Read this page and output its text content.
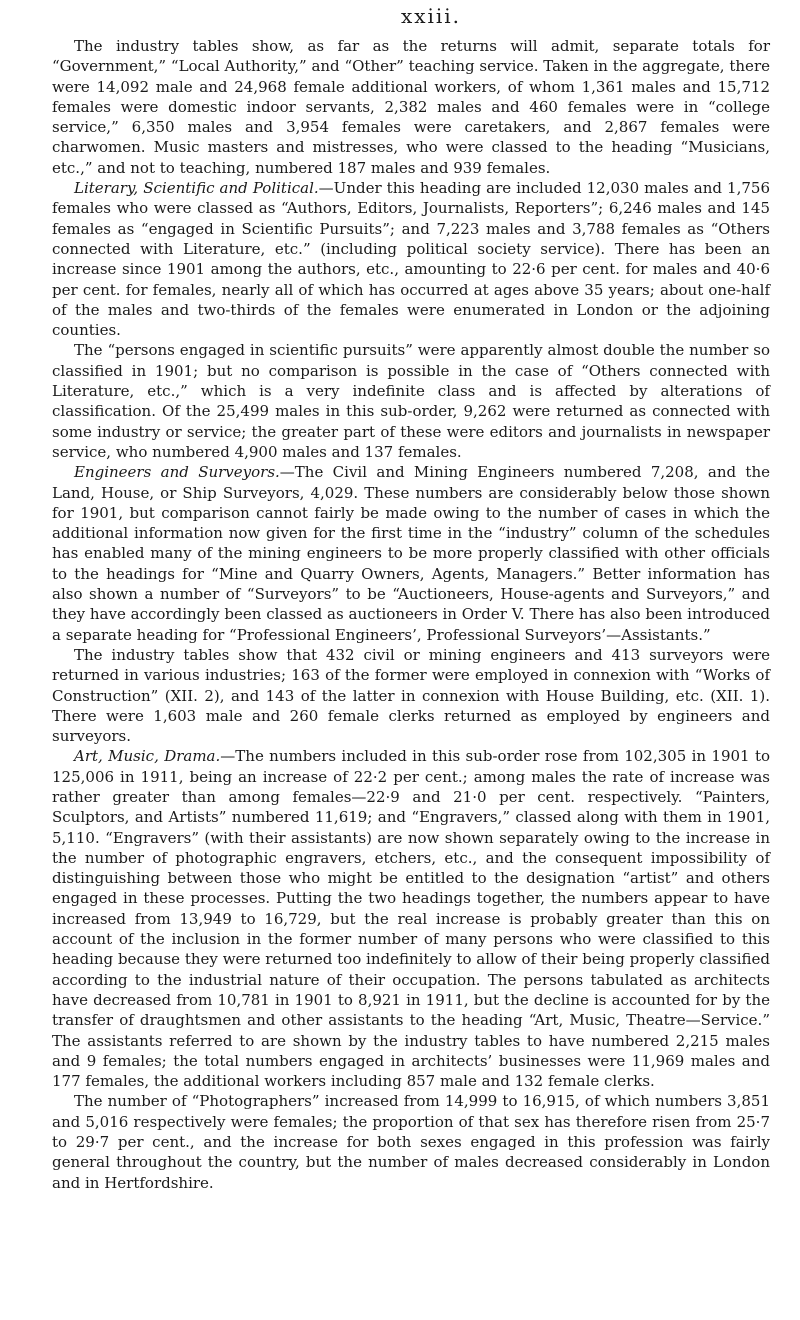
xxiii.

The industry tables show, as far as the returns will admit, separate totals for “Government,” “Local Authority,” and “Other” teaching service. Taken in the aggregate, there were 14,092 male and 24,968 female additional workers, of whom 1,361 males and 15,712 females were domestic indoor servants, 2,382 males and 460 females were in “college service,” 6,350 males and 3,954 females were caretakers, and 2,867 females were charwomen. Music masters and mistresses, who were classed to the heading “Musicians, etc.,” and not to teaching, numbered 187 males and 939 females.

Literary, Scientific and Political.—Under this heading are included 12,030 males and 1,756 females who were classed as “Authors, Editors, Journalists, Reporters”; 6,246 males and 145 females as “engaged in Scientific Pursuits”; and 7,223 males and 3,788 females as “Others connected with Literature, etc.” (including political society service). There has been an increase since 1901 among the authors, etc., amounting to 22·6 per cent. for males and 40·6 per cent. for females, nearly all of which has occurred at ages above 35 years; about one-half of the males and two-thirds of the females were enumerated in London or the adjoining counties.

The “persons engaged in scientific pursuits” were apparently almost double the number so classified in 1901; but no comparison is possible in the case of “Others connected with Literature, etc.,” which is a very indefinite class and is affected by alterations of classification. Of the 25,499 males in this sub-order, 9,262 were returned as connected with some industry or service; the greater part of these were editors and journalists in newspaper service, who numbered 4,900 males and 137 females.

Engineers and Surveyors.—The Civil and Mining Engineers numbered 7,208, and the Land, House, or Ship Surveyors, 4,029. These numbers are considerably below those shown for 1901, but comparison cannot fairly be made owing to the number of cases in which the additional information now given for the first time in the “industry” column of the schedules has enabled many of the mining engineers to be more properly classified with other officials to the headings for “Mine and Quarry Owners, Agents, Managers.” Better information has also shown a number of “Surveyors” to be “Auctioneers, House-agents and Surveyors,” and they have accordingly been classed as auctioneers in Order V. There has also been introduced a separate heading for “Professional Engineers’, Professional Surveyors’—Assistants.”

The industry tables show that 432 civil or mining engineers and 413 surveyors were returned in various industries; 163 of the former were employed in connexion with “Works of Construction” (XII. 2), and 143 of the latter in connexion with House Building, etc. (XII. 1). There were 1,603 male and 260 female clerks returned as employed by engineers and surveyors.

Art, Music, Drama.—The numbers included in this sub-order rose from 102,305 in 1901 to 125,006 in 1911, being an increase of 22·2 per cent.; among males the rate of increase was rather greater than among females—22·9 and 21·0 per cent. respectively. “Painters, Sculptors, and Artists” numbered 11,619; and “Engravers,” classed along with them in 1901, 5,110. “Engravers” (with their assistants) are now shown separately owing to the increase in the number of photographic engravers, etchers, etc., and the consequent impossibility of distinguishing between those who might be entitled to the designation “artist” and others engaged in these processes. Putting the two headings together, the numbers appear to have increased from 13,949 to 16,729, but the real increase is probably greater than this on account of the inclusion in the former number of many persons who were classified to this heading because they were returned too indefinitely to allow of their being properly classified according to the industrial nature of their occupation. The persons tabulated as architects have decreased from 10,781 in 1901 to 8,921 in 1911, but the decline is accounted for by the transfer of draughtsmen and other assistants to the heading “Art, Music, Theatre—Service.” The assistants referred to are shown by the industry tables to have numbered 2,215 males and 9 females; the total numbers engaged in architects’ businesses were 11,969 males and 177 females, the additional workers including 857 male and 132 female clerks.

The number of “Photographers” increased from 14,999 to 16,915, of which numbers 3,851 and 5,016 respectively were females; the proportion of that sex has therefore risen from 25·7 to 29·7 per cent., and the increase for both sexes engaged in this profession was fairly general throughout the country, but the number of males decreased considerably in London and in Hertfordshire.
